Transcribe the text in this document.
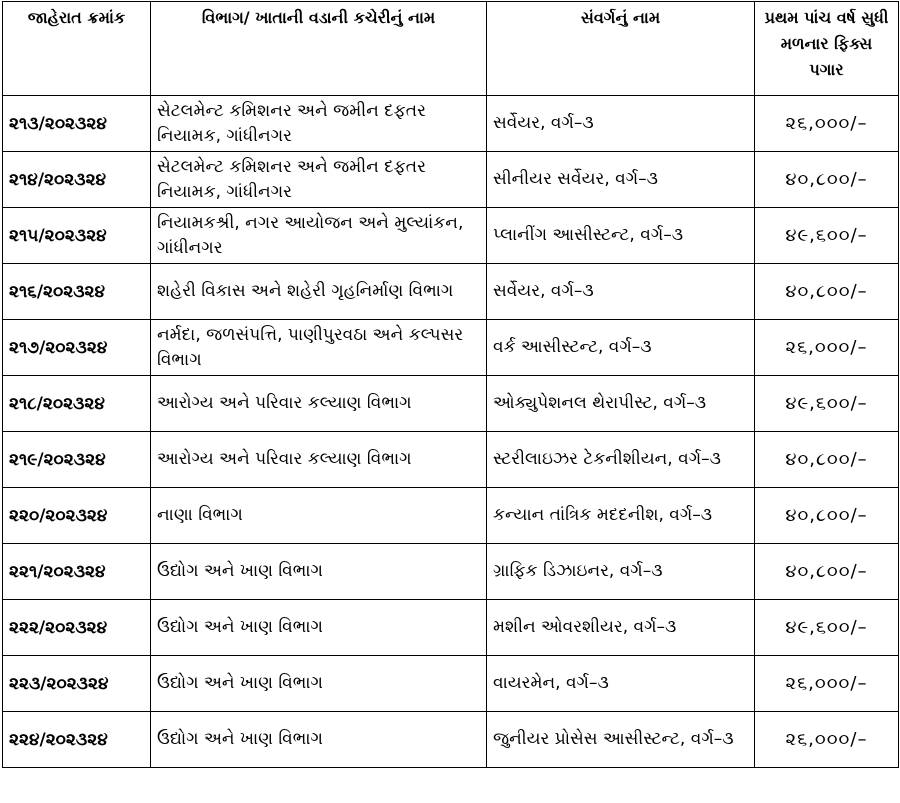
જાહેરાત ક્રમાંક	વિભાગ/ ખાતાની વડાની કચેરીનું નામ	સંવર્ગનું નામ	પ્રથમ પાંચ વર્ષ સુધી મળનાર ફિક્સ પગાર
૨૧૩/૨૦૨૩૨૪	સેટલમેન્ટ કમિશનર અને જમીન દફતર નિયામક, ગાંધીનગર	સર્વેયર, વર્ગ–૩	૨૬,૦૦૦/–
૨૧૪/૨૦૨૩૨૪	સેટલમેન્ટ કમિશનર અને જમીન દફતર નિયામક, ગાંધીનગર	સીનીયર સર્વેયર, વર્ગ–૩	૪૦,૮૦૦/–
૨૧૫/૨૦૨૩૨૪	નિયામકશ્રી, નગર આયોજન અને મુલ્યાંકન, ગાંધીનગર	પ્લાનીંગ આસીસ્ટન્ટ, વર્ગ–૩	૪૯,૬૦૦/–
૨૧૬/૨૦૨૩૨૪	શહેરી વિકાસ અને શહેરી ગૃહનિર્માણ વિભાગ	સર્વેયર, વર્ગ–૩	૪૦,૮૦૦/–
૨૧૭/૨૦૨૩૨૪	નર્મદા, જળસંપત્તિ, પાણીપુરવઠા અને કલ્પસર વિભાગ	વર્ક આસીસ્ટન્ટ, વર્ગ–૩	૨૬,૦૦૦/–
૨૧૮/૨૦૨૩૨૪	આરોગ્ય અને પરિવાર કલ્યાણ વિભાગ	ઓક્યુપેશનલ થેરાપીસ્ટ, વર્ગ–૩	૪૯,૬૦૦/–
૨૧૯/૨૦૨૩૨૪	આરોગ્ય અને પરિવાર કલ્યાણ વિભાગ	સ્ટરીલાઇઝર ટેકનીશીયન, વર્ગ–૩	૪૦,૮૦૦/–
૨૨૦/૨૦૨૩૨૪	નાણા વિભાગ	કન્યાન તાંત્રિક મદદનીશ, વર્ગ–૩	૪૦,૮૦૦/–
૨૨૧/૨૦૨૩૨૪	ઉદ્યોગ અને ખાણ વિભાગ	ગ્રાફિક ડિઝાઇનર, વર્ગ–૩	૪૦,૮૦૦/–
૨૨૨/૨૦૨૩૨૪	ઉદ્યોગ અને ખાણ વિભાગ	મશીન ઓવરશીયર, વર્ગ–૩	૪૯,૬૦૦/–
૨૨૩/૨૦૨૩૨૪	ઉદ્યોગ અને ખાણ વિભાગ	વાયરમેન, વર્ગ–૩	૨૬,૦૦૦/–
૨૨૪/૨૦૨૩૨૪	ઉદ્યોગ અને ખાણ વિભાગ	જુનીયર પ્રોસેસ આસીસ્ટન્ટ, વર્ગ–૩	૨૬,૦૦૦/–
